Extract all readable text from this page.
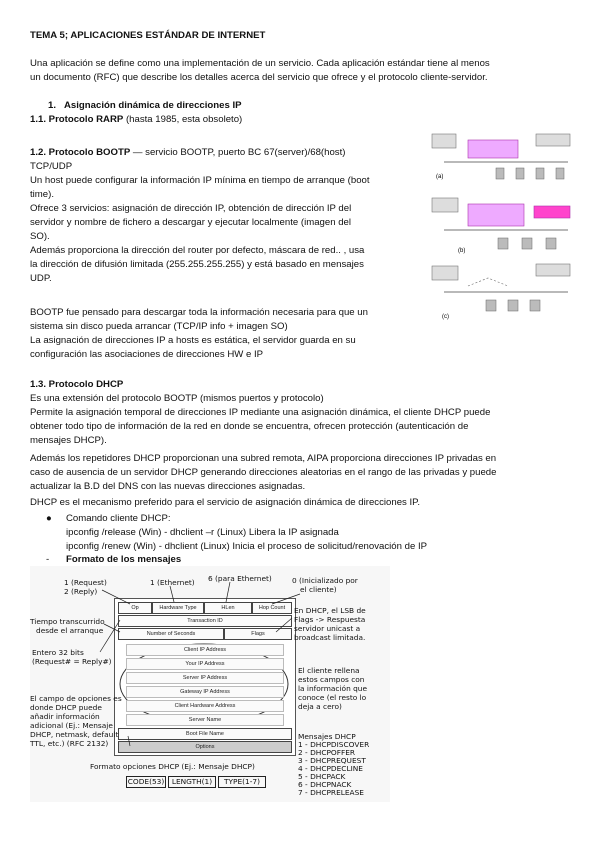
TEMA 5; APLICACIONES ESTÁNDAR DE INTERNET
Una aplicación se define como una implementación de un servicio. Cada aplicación estándar tiene al menos
un documento (RFC) que describe los detalles acerca del servicio que ofrece y el protocolo cliente-servidor.
1. Asignación dinámica de direcciones IP
1.1. Protocolo RARP (hasta 1985, esta obsoleto)
1.2. Protocolo BOOTP — servicio BOOTP, puerto BC 67(server)/68(host)
TCP/UDP
Un host puede configurar la información IP mínima en tiempo de arranque (boot
time).
Ofrece 3 servicios: asignación de dirección IP, obtención de dirección IP del
servidor y nombre de fichero a descargar y ejecutar localmente (imagen del
SO).
Además proporciona la dirección del router por defecto, máscara de red.. , usa
la dirección de difusión limitada (255.255.255.255) y está basado en mensajes
UDP.
BOOTP fue pensado para descargar toda la información necesaria para que un
sistema sin disco pueda arrancar (TCP/IP info + imagen SO)
La asignación de direcciones IP a hosts es estática, el servidor guarda en su
configuración las asociaciones de direcciones HW e IP
(a)
(b)
(c)
1.3. Protocolo DHCP
Es una extensión del protocolo BOOTP (mismos puertos y protocolo)
Permite la asignación temporal de direcciones IP mediante una asignación dinámica, el cliente DHCP puede
obtener todo tipo de información de la red en donde se encuentra, ofrecen protección (autenticación de
mensajes DHCP).
Además los repetidores DHCP proporcionan una subred remota, AIPA proporciona direcciones IP privadas en
caso de ausencia de un servidor DHCP generando direcciones aleatorias en el rango de las privadas y puede
actualizar la B.D del DNS con las nuevas direcciones asignadas.
DHCP es el mecanismo preferido para el servicio de asignación dinámica de direcciones IP.
● Comando cliente DHCP:
ipconfig /release (Win) - dhclient –r (Linux) Libera la IP asignada
ipconfig /renew (Win) - dhclient (Linux) Inicia el proceso de solicitud/renovación de IP
- Formato de los mensajes
Op	Hardware Type	HLen	Hop Count
Transaction ID
Number of Seconds	Flags
Client IP Address
Your IP Address
Server IP Address
Gateway IP Address
Client Hardware Address
Server Name
Boot File Name
Options
1 (Request)
2 (Reply)
1 (Ethernet) 6 (para Ethernet)	0 (Inicializado por
el cliente)
Tiempo transcurrido
desde el arranque
Entero 32 bits
(Request# = Reply#)
En DHCP, el LSB de
Flags -> Respuesta
servidor unicast a
broadcast limitada.
El cliente rellena
estos campos con
la información que
conoce (el resto lo
deja a cero)
El campo de opciones es
donde DHCP puede
añadir información
adicional (Ej.: Mensaje
DHCP, netmask, default
TTL, etc.) (RFC 2132)
Mensajes DHCP
1 - DHCPDISCOVER
2 - DHCPOFFER
3 - DHCPREQUEST
4 - DHCPDECLINE
5 - DHCPACK
6 - DHCPNACK
7 - DHCPRELEASE
Formato opciones DHCP (Ej.: Mensaje DHCP)
CODE(53)	LENGTH(1)	TYPE(1-7)
